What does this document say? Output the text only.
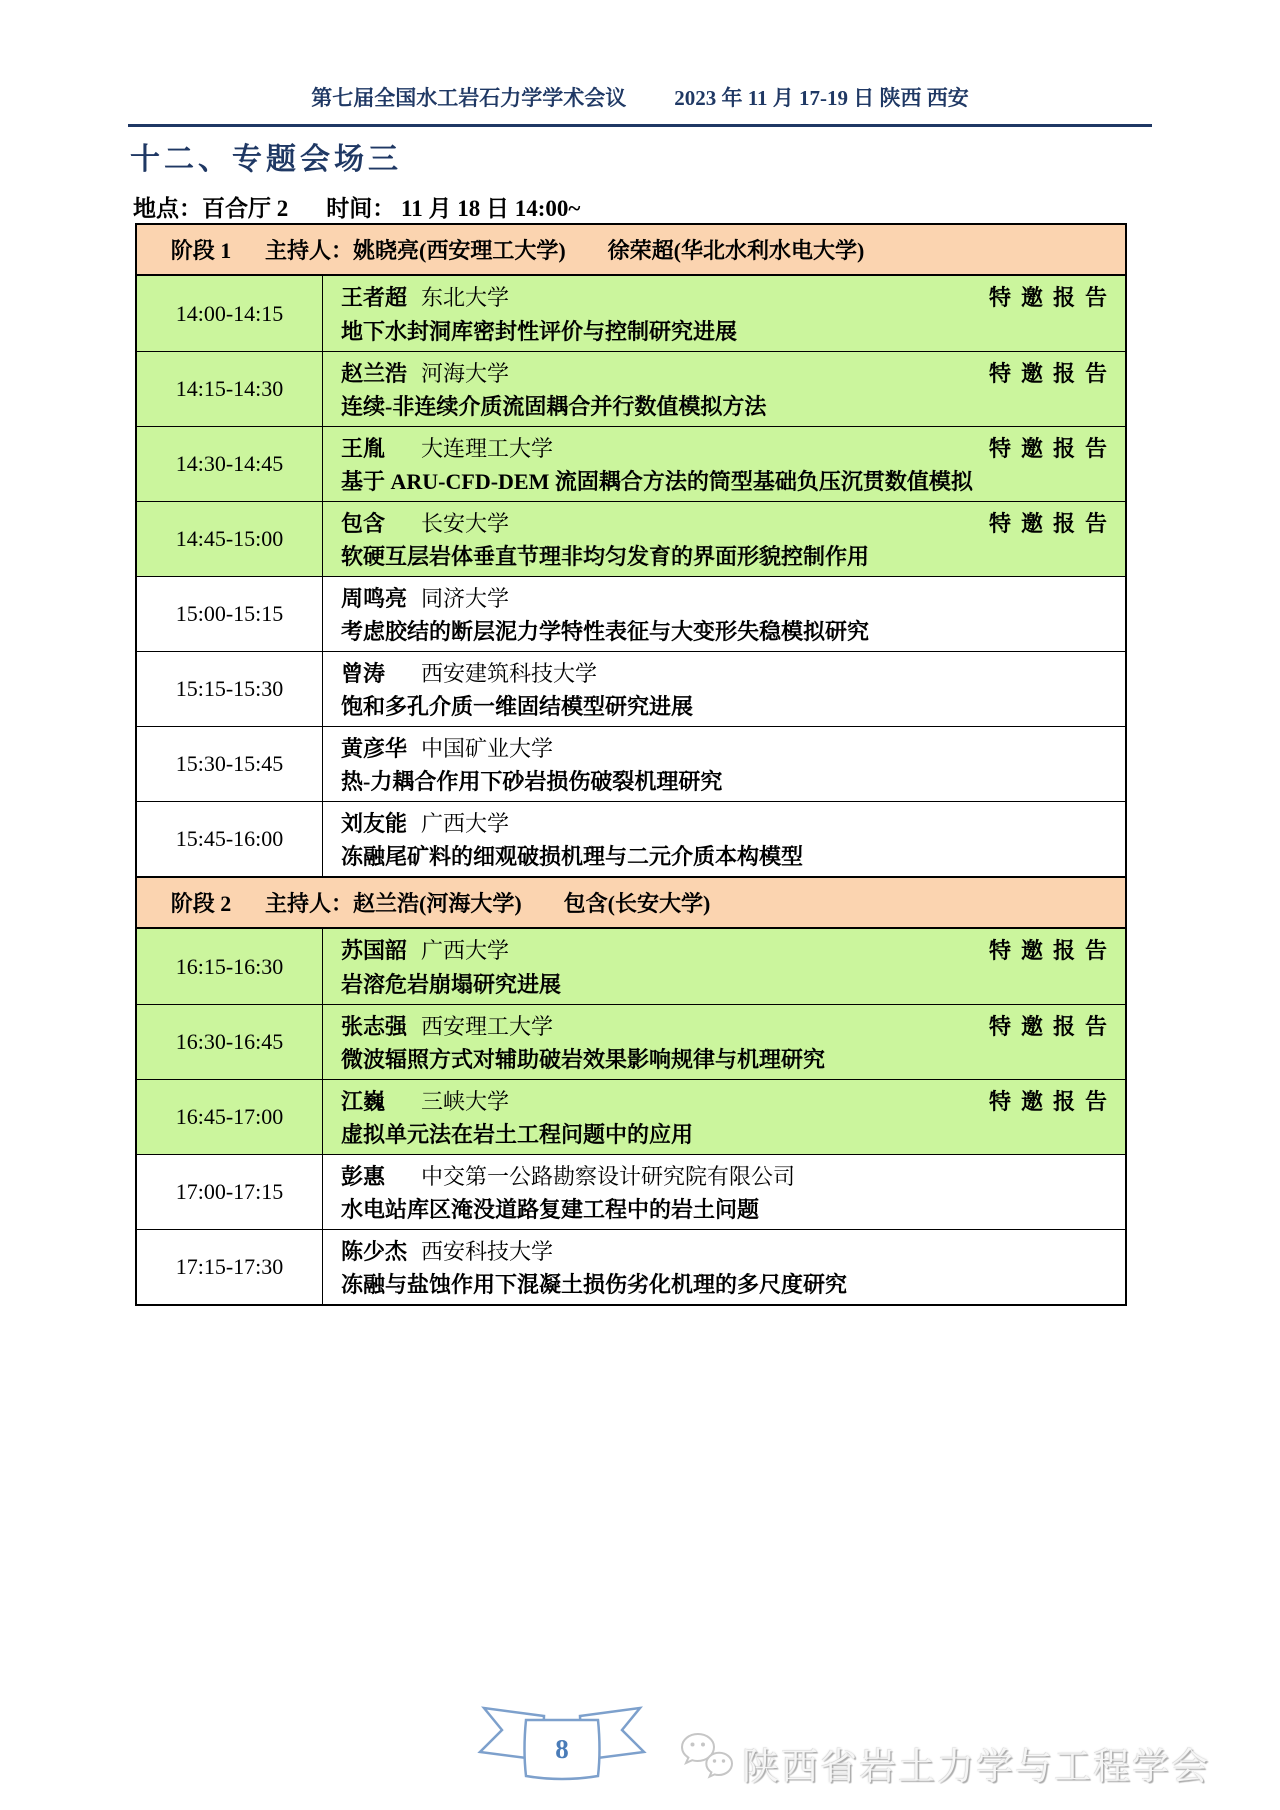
第七届全国水工岩石力学学术会议 2023 年 11 月 17-19 日 陕西 西安
十二、专题会场三
地点：百合厅 2 时间： 11 月 18 日 14:00~
阶段 1	主持人： 姚晓亮(西安理工大学) 徐荣超(华北水利水电大学)
14:00-14:15
王者超 东北大学	特邀报告
地下水封洞库密封性评价与控制研究进展
14:15-14:30
赵兰浩 河海大学	特邀报告
连续-非连续介质流固耦合并行数值模拟方法
14:30-14:45
王胤	大连理工大学	特邀报告
基于 ARU-CFD-DEM 流固耦合方法的筒型基础负压沉贯数值模拟
14:45-15:00
包含	长安大学	特邀报告
软硬互层岩体垂直节理非均匀发育的界面形貌控制作用
15:00-15:15
周鸣亮 同济大学
考虑胶结的断层泥力学特性表征与大变形失稳模拟研究
15:15-15:30
曾涛	西安建筑科技大学
饱和多孔介质一维固结模型研究进展
15:30-15:45
黄彦华 中国矿业大学
热-力耦合作用下砂岩损伤破裂机理研究
15:45-16:00
刘友能 广西大学
冻融尾矿料的细观破损机理与二元介质本构模型
阶段 2	主持人： 赵兰浩(河海大学) 包含(长安大学)
16:15-16:30
苏国韶 广西大学	特邀报告
岩溶危岩崩塌研究进展
16:30-16:45
张志强 西安理工大学	特邀报告
微波辐照方式对辅助破岩效果影响规律与机理研究
16:45-17:00
江巍	三峡大学	特邀报告
虚拟单元法在岩土工程问题中的应用
17:00-17:15
彭惠	中交第一公路勘察设计研究院有限公司
水电站库区淹没道路复建工程中的岩土问题
17:15-17:30
陈少杰 西安科技大学
冻融与盐蚀作用下混凝土损伤劣化机理的多尺度研究
8	陕西省岩土力学与工程学会
